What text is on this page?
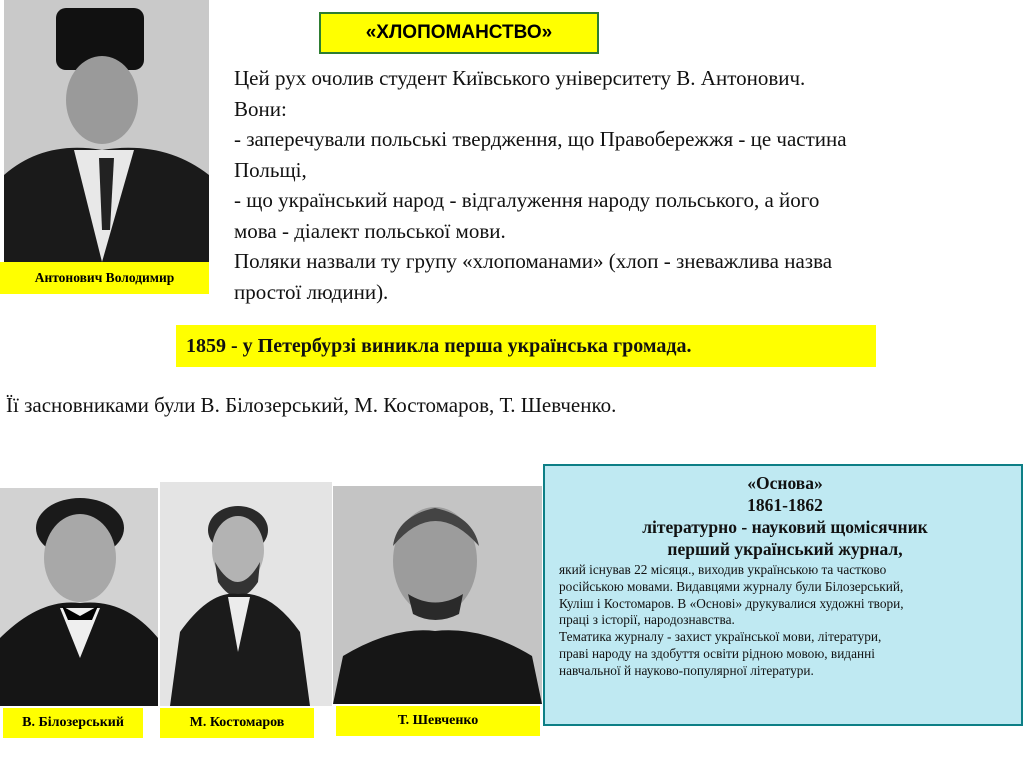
Антонович Володимир
«ХЛОПОМАНСТВО»
Цей рух очолив студент Київського університету В. Антонович.
Вони:
- заперечували польські твердження, що Правобережжя - це частина
Польщі,
- що український народ - відгалуження народу польського, а його
мова - діалект польської мови.
Поляки назвали ту групу «хлопоманами» (хлоп - зневажлива назва
простої людини).
1859 - у Петербурзі виникла перша українська громада.
Її засновниками були В. Білозерський, М. Костомаров, Т. Шевченко.
В. Білозерський	М. Костомаров	Т. Шевченко
«Основа»
1861-1862
літературно - науковий щомісячник
перший український журнал,
який існував 22 місяця., виходив українською та частково
російською мовами. Видавцями журналу були Білозерський,
Куліш і Костомаров. В «Основі» друкувалися художні твори,
праці з історії, народознавства.
Тематика журналу - захист української мови, літератури,
праві народу на здобуття освіти рідною мовою, виданні
навчальної й науково-популярної літератури.
